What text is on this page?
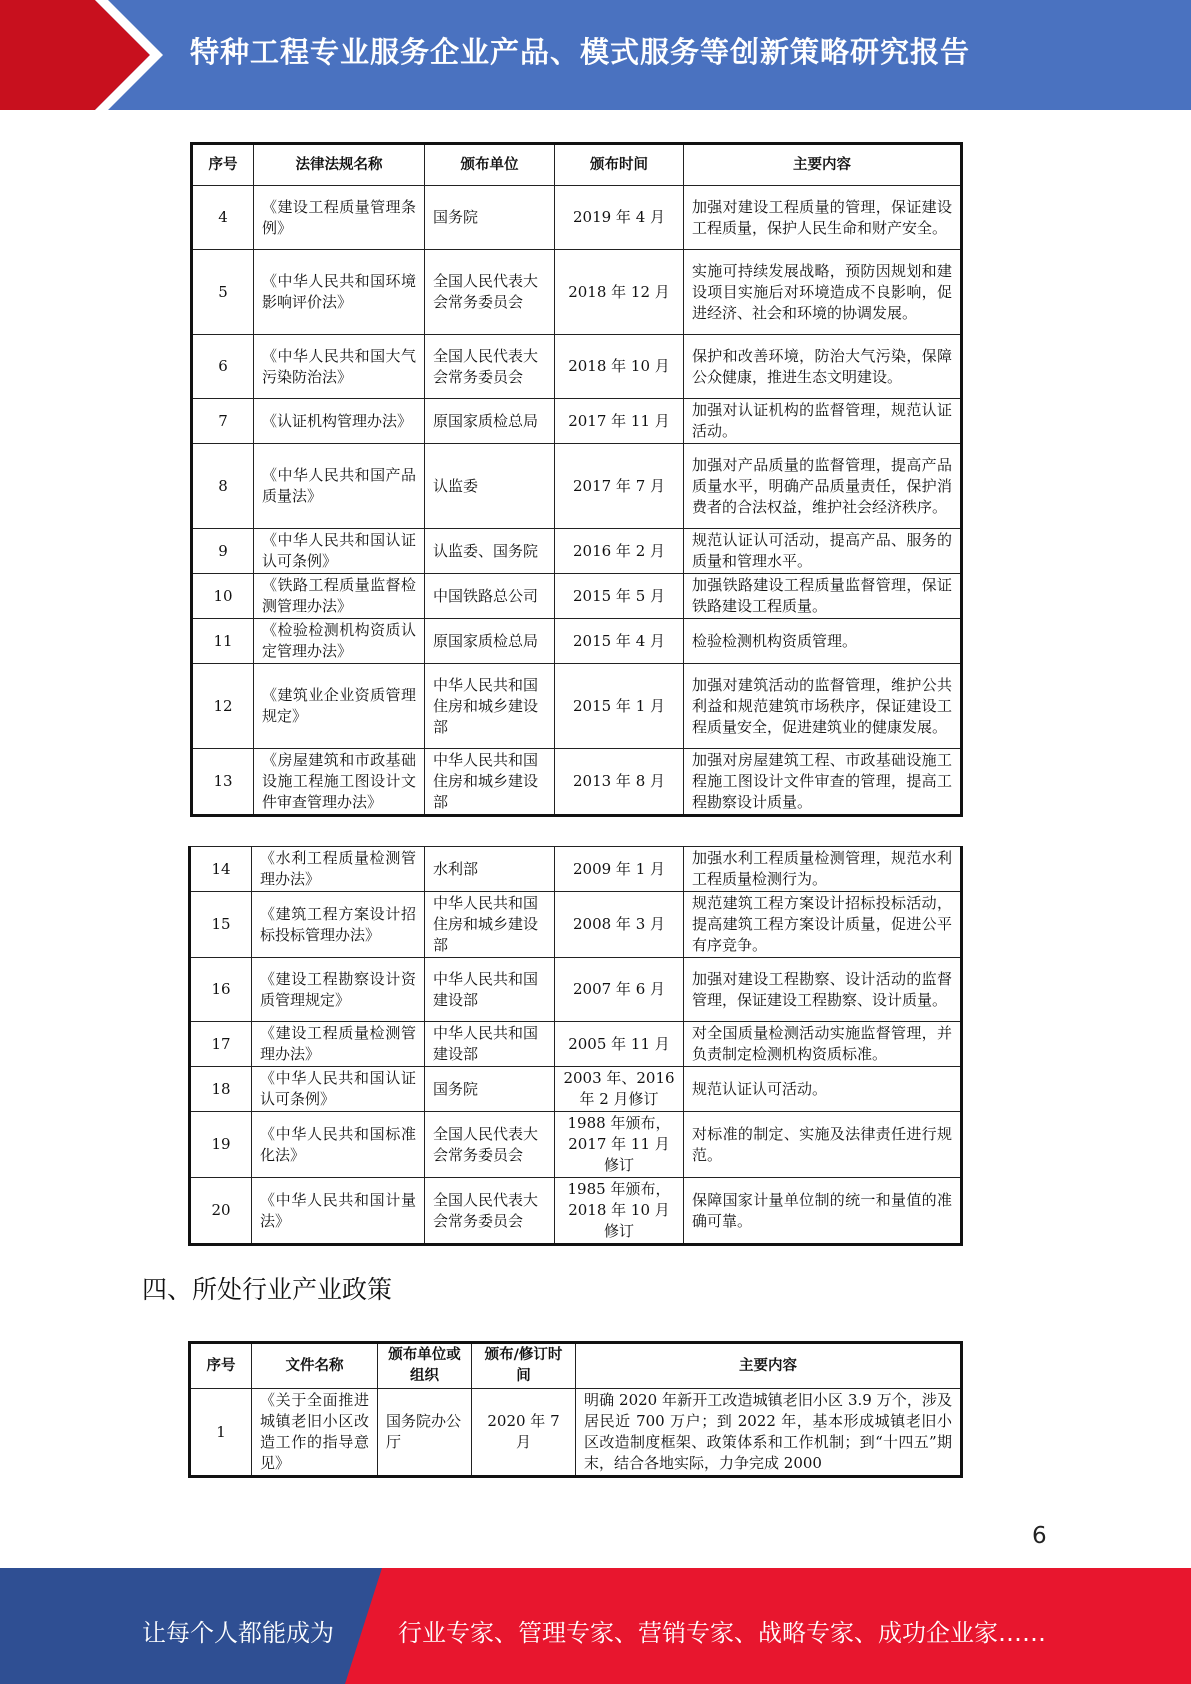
特种工程专业服务企业产品、模式服务等创新策略研究报告
序号	法律法规名称	颁布单位	颁布时间	主要内容
4	《建设工程质量管理条例》	国务院	2019 年 4 月	加强对建设工程质量的管理，保证建设工程质量，保护人民生命和财产安全。
5	《中华人民共和国环境影响评价法》	全国人民代表大会常务委员会	2018 年 12 月	实施可持续发展战略，预防因规划和建设项目实施后对环境造成不良影响，促进经济、社会和环境的协调发展。
6	《中华人民共和国大气污染防治法》	全国人民代表大会常务委员会	2018 年 10 月	保护和改善环境，防治大气污染，保障公众健康，推进生态文明建设。
7	《认证机构管理办法》	原国家质检总局	2017 年 11 月	加强对认证机构的监督管理，规范认证活动。
8	《中华人民共和国产品质量法》	认监委	2017 年 7 月	加强对产品质量的监督管理，提高产品质量水平，明确产品质量责任，保护消费者的合法权益，维护社会经济秩序。
9	《中华人民共和国认证认可条例》	认监委、国务院	2016 年 2 月	规范认证认可活动，提高产品、服务的质量和管理水平。
10	《铁路工程质量监督检测管理办法》	中国铁路总公司	2015 年 5 月	加强铁路建设工程质量监督管理，保证铁路建设工程质量。
11	《检验检测机构资质认定管理办法》	原国家质检总局	2015 年 4 月	检验检测机构资质管理。
12	《建筑业企业资质管理规定》	中华人民共和国住房和城乡建设部	2015 年 1 月	加强对建筑活动的监督管理，维护公共利益和规范建筑市场秩序，保证建设工程质量安全，促进建筑业的健康发展。
13	《房屋建筑和市政基础设施工程施工图设计文件审查管理办法》	中华人民共和国住房和城乡建设部	2013 年 8 月	加强对房屋建筑工程、市政基础设施工程施工图设计文件审查的管理，提高工程勘察设计质量。
14	《水利工程质量检测管理办法》	水利部	2009 年 1 月	加强水利工程质量检测管理，规范水利工程质量检测行为。
15	《建筑工程方案设计招标投标管理办法》	中华人民共和国住房和城乡建设部	2008 年 3 月	规范建筑工程方案设计招标投标活动，提高建筑工程方案设计质量，促进公平有序竞争。
16	《建设工程勘察设计资质管理规定》	中华人民共和国建设部	2007 年 6 月	加强对建设工程勘察、设计活动的监督管理，保证建设工程勘察、设计质量。
17	《建设工程质量检测管理办法》	中华人民共和国建设部	2005 年 11 月	对全国质量检测活动实施监督管理，并负责制定检测机构资质标准。
18	《中华人民共和国认证认可条例》	国务院	2003 年、2016 年 2 月修订	规范认证认可活动。
19	《中华人民共和国标准化法》	全国人民代表大会常务委员会	1988 年颁布，2017 年 11 月修订	对标准的制定、实施及法律责任进行规范。
20	《中华人民共和国计量法》	全国人民代表大会常务委员会	1985 年颁布，2018 年 10 月修订	保障国家计量单位制的统一和量值的准确可靠。
四、所处行业产业政策
序号	文件名称	颁布单位或组织	颁布/修订时间	主要内容
1	《关于全面推进城镇老旧小区改造工作的指导意见》	国务院办公厅	2020 年 7 月	明确 2020 年新开工改造城镇老旧小区 3.9 万个，涉及居民近 700 万户；到 2022 年，基本形成城镇老旧小区改造制度框架、政策体系和工作机制；到“十四五”期末，结合各地实际，力争完成 2000
6
让每个人都能成为	行业专家、管理专家、营销专家、战略专家、成功企业家……
